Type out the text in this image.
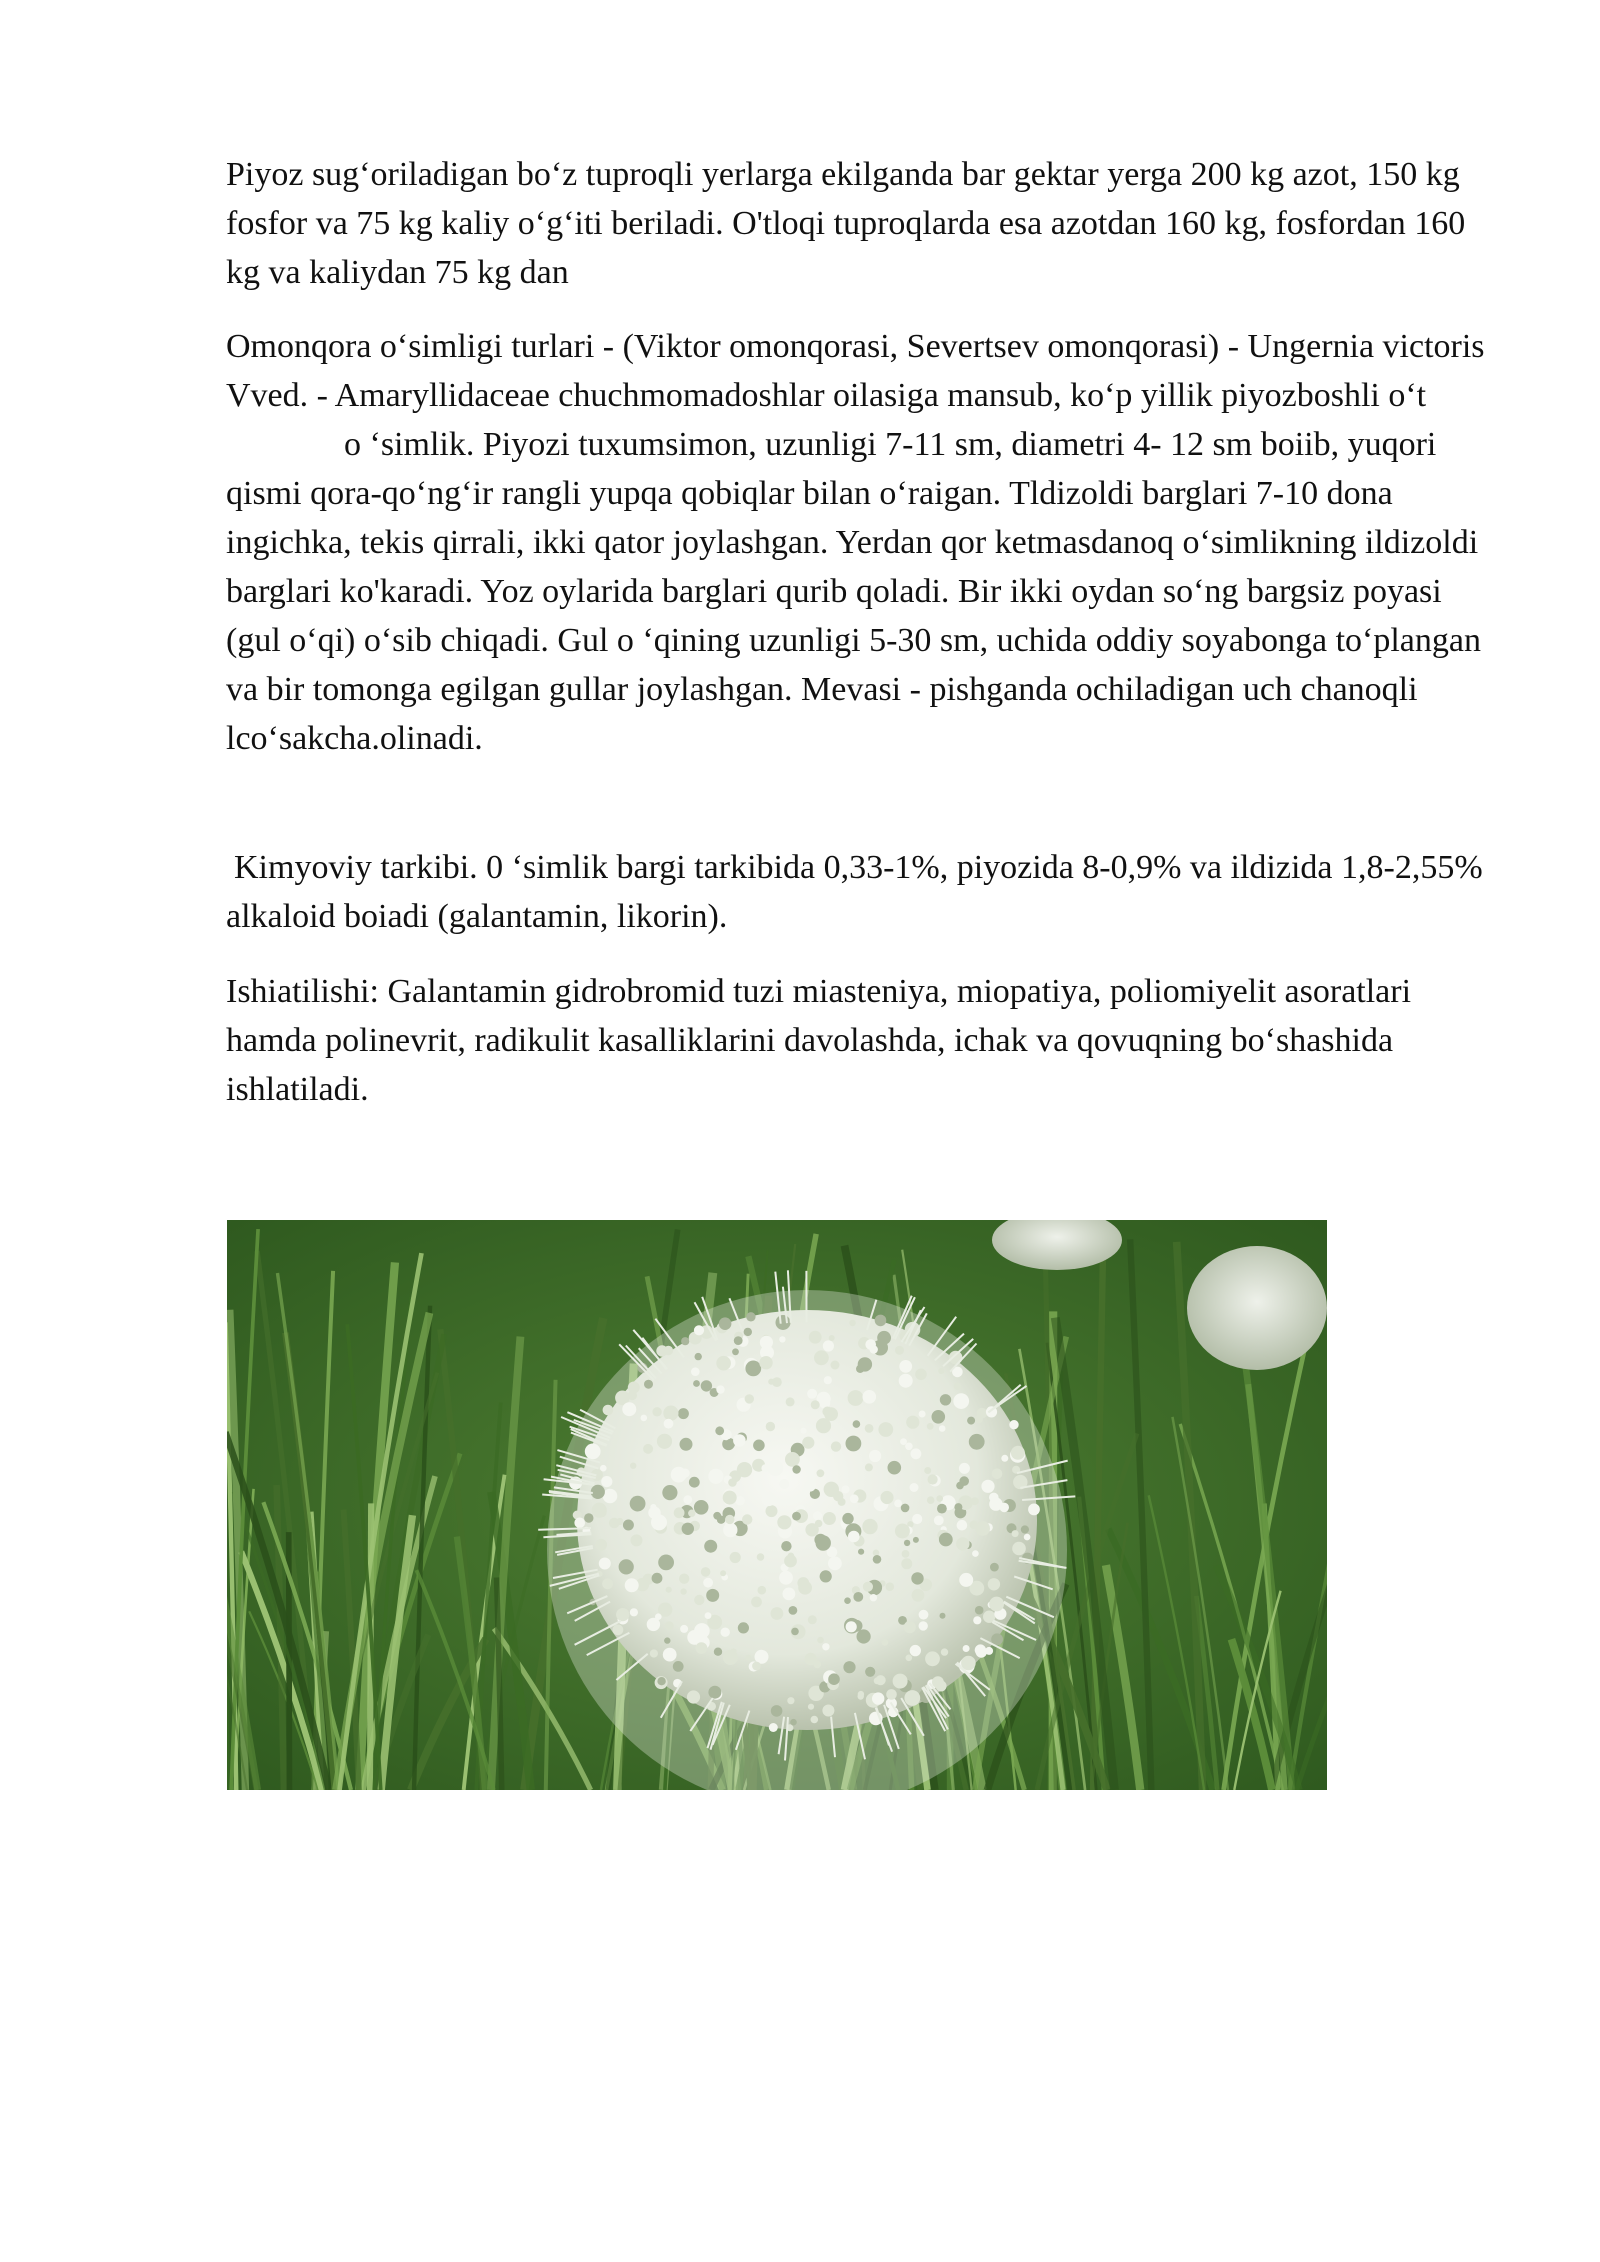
Piyoz sug‘oriladigan bo‘z tuproqli yerlarga ekilganda bar gektar yerga 200 kg azot, 150 kg fosfor va 75 kg kaliy o‘g‘iti beriladi. O'tloqi tuproqlarda esa azotdan 160 kg, fosfordan 160 kg va kaliydan 75 kg dan

Omonqora o‘simligi turlari - (Viktor omonqorasi, Severtsev omonqorasi) - Ungernia victoris Vved. - Amaryllidaceae chuchmomadoshlar oilasiga mansub, ko‘p yillik piyozboshli o‘to ‘simlik. Piyozi tuxumsimon, uzunligi 7-11 sm, diametri 4- 12 sm boiib, yuqori qismi qora-qo‘ng‘ir rangli yupqa qobiqlar bilan o‘raigan. Tldizoldi barglari 7-10 dona ingichka, tekis qirrali, ikki qator joylashgan. Yerdan qor ketmasdanoq o‘simlikning ildizoldi barglari ko'karadi. Yoz oylarida barglari qurib qoladi. Bir ikki oydan so‘ng bargsiz poyasi (gul o‘qi) o‘sib chiqadi. Gul o ‘qining uzunligi 5-30 sm, uchida oddiy soyabonga to‘plangan va bir tomonga egilgan gullar joylashgan. Mevasi - pishganda ochiladigan uch chanoqli lco‘sakcha.olinadi.

Kimyoviy tarkibi. 0 ‘simlik bargi tarkibida 0,33-1%, piyozida 8-0,9% va ildizida 1,8-2,55% alkaloid boiadi (galantamin, likorin).

Ishiatilishi: Galantamin gidrobromid tuzi miasteniya, miopatiya, poliomiyelit asoratlari hamda polinevrit, radikulit kasalliklarini davolashda, ichak va qovuqning bo‘shashida ishlatiladi.
